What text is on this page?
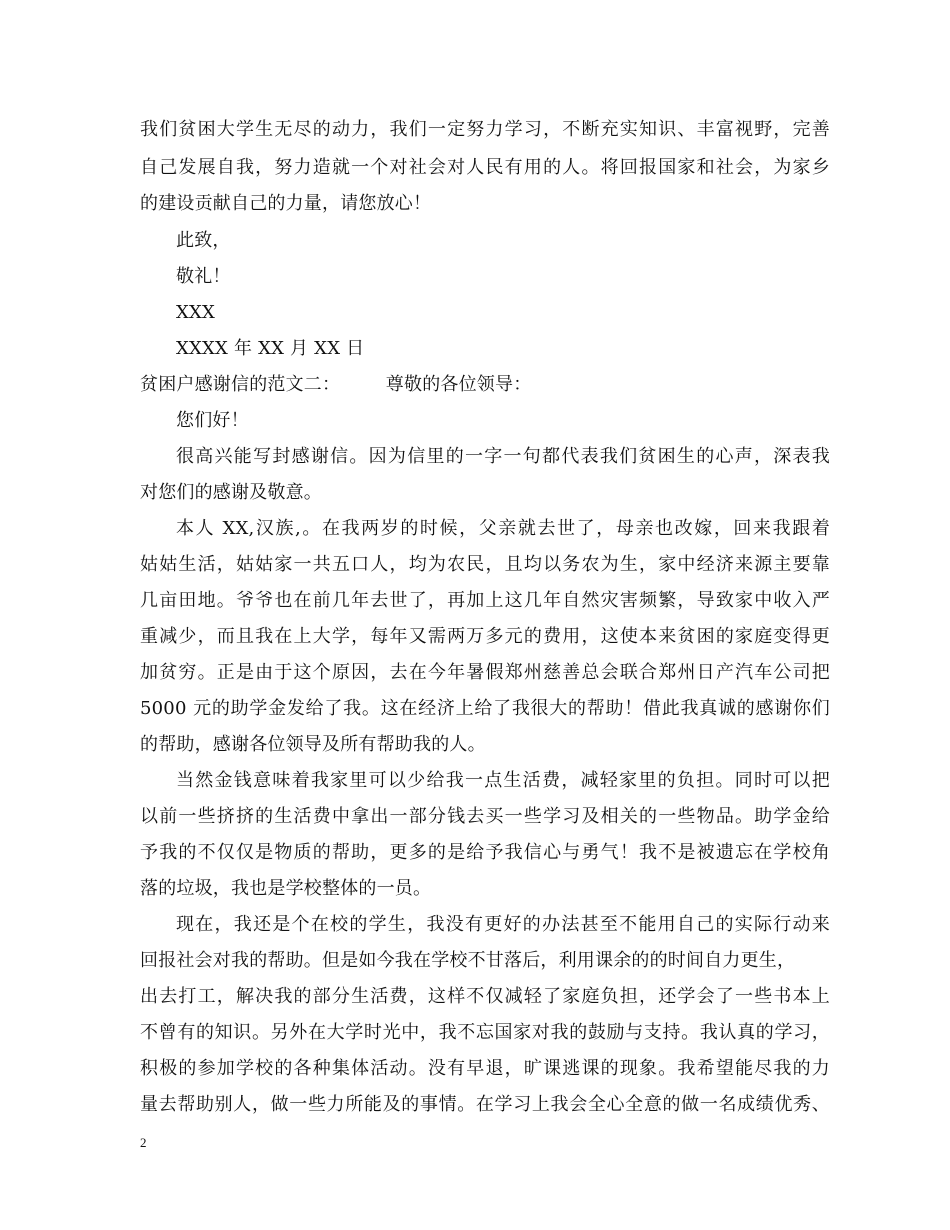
我们贫困大学生无尽的动力，我们一定努力学习，不断充实知识、丰富视野，完善
自己发展自我，努力造就一个对社会对人民有用的人。将回报国家和社会，为家乡
的建设贡献自己的力量，请您放心！
此致，
敬礼！
XXX
XXXX 年 XX 月 XX 日
贫困户感谢信的范文二：　　　尊敬的各位领导：
您们好！
很高兴能写封感谢信。因为信里的一字一句都代表我们贫困生的心声，深表我
对您们的感谢及敬意。
本人 XX,汉族,。在我两岁的时候，父亲就去世了，母亲也改嫁，回来我跟着
姑姑生活，姑姑家一共五口人，均为农民，且均以务农为生，家中经济来源主要靠
几亩田地。爷爷也在前几年去世了，再加上这几年自然灾害频繁，导致家中收入严
重减少，而且我在上大学，每年又需两万多元的费用，这使本来贫困的家庭变得更
加贫穷。正是由于这个原因，去在今年暑假郑州慈善总会联合郑州日产汽车公司把
5000 元的助学金发给了我。这在经济上给了我很大的帮助！借此我真诚的感谢你们
的帮助，感谢各位领导及所有帮助我的人。
当然金钱意味着我家里可以少给我一点生活费，减轻家里的负担。同时可以把
以前一些挤挤的生活费中拿出一部分钱去买一些学习及相关的一些物品。助学金给
予我的不仅仅是物质的帮助，更多的是给予我信心与勇气！我不是被遗忘在学校角
落的垃圾，我也是学校整体的一员。
现在，我还是个在校的学生，我没有更好的办法甚至不能用自己的实际行动来
回报社会对我的帮助。但是如今我在学校不甘落后，利用课余的的时间自力更生，
出去打工，解决我的部分生活费，这样不仅减轻了家庭负担，还学会了一些书本上
不曾有的知识。另外在大学时光中，我不忘国家对我的鼓励与支持。我认真的学习，
积极的参加学校的各种集体活动。没有早退，旷课逃课的现象。我希望能尽我的力
量去帮助别人，做一些力所能及的事情。在学习上我会全心全意的做一名成绩优秀、
2
